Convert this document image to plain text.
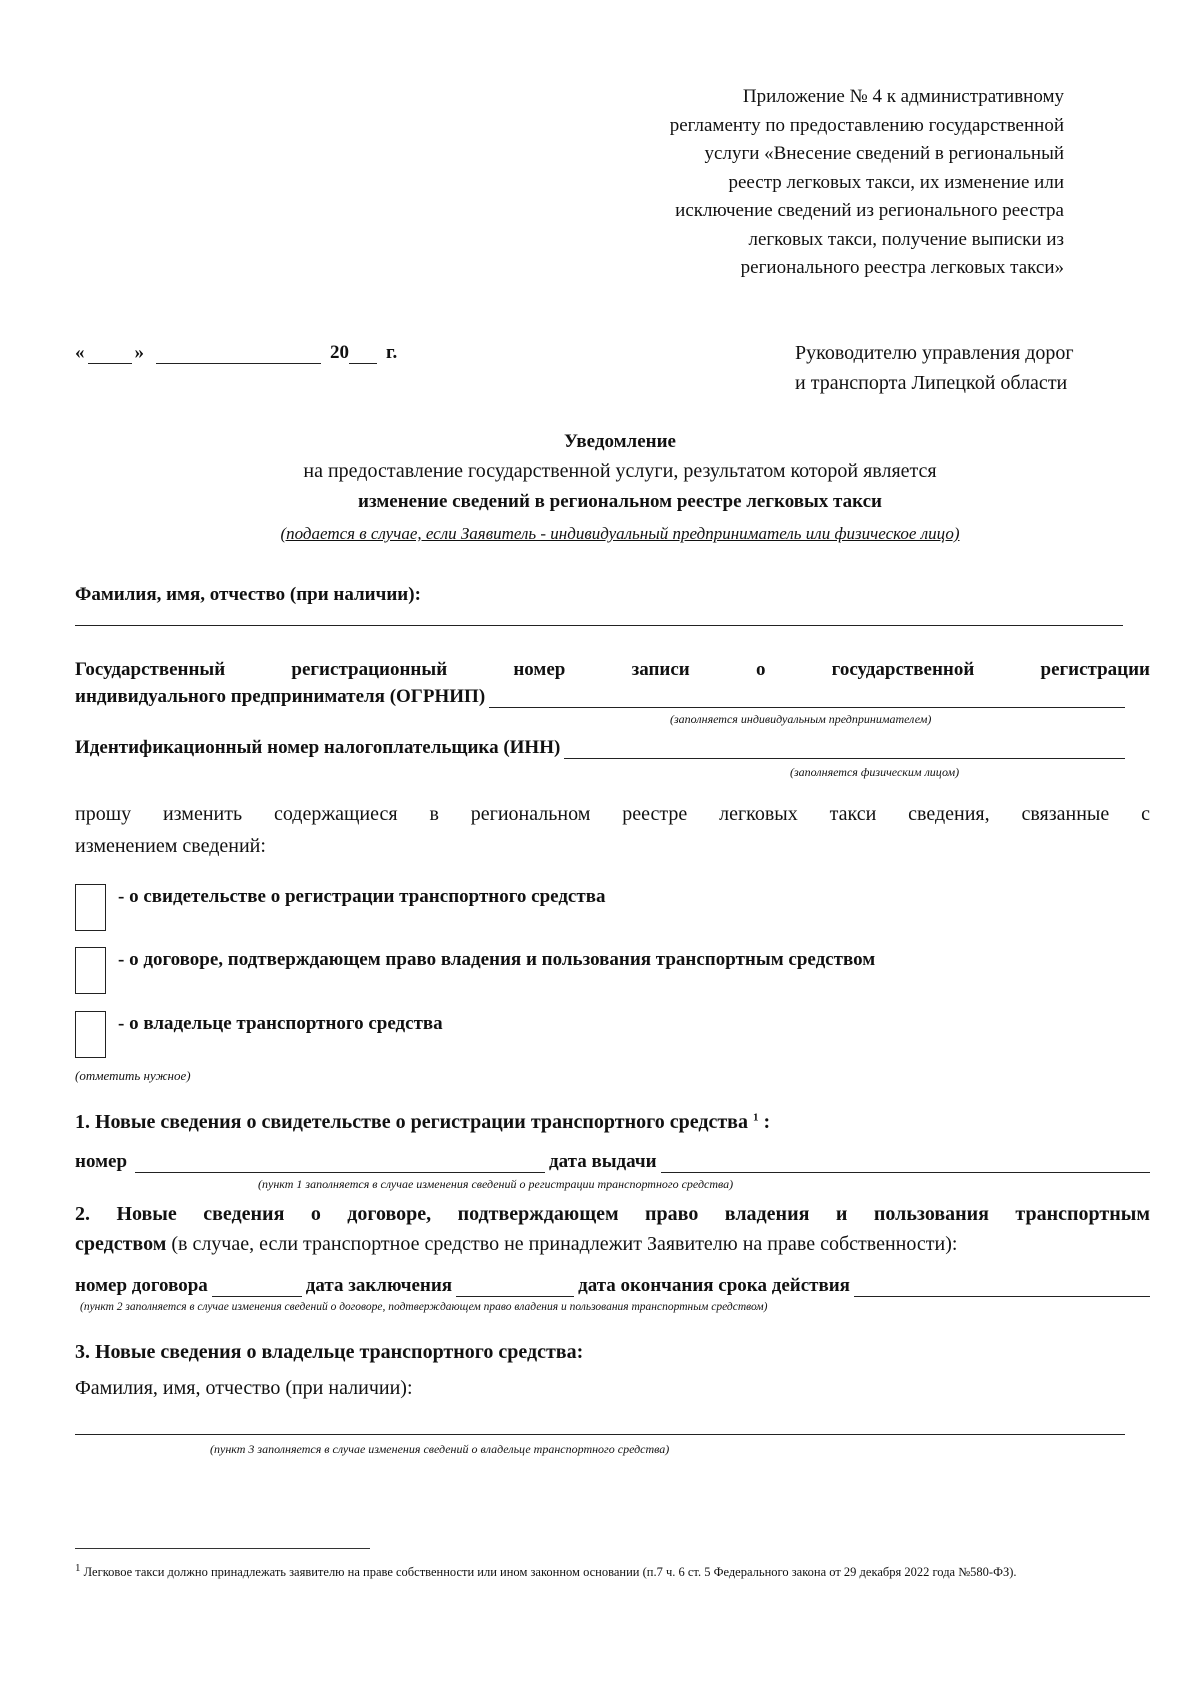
Приложение № 4 к административному
регламенту по предоставлению государственной
услуги «Внесение сведений в региональный
реестр легковых такси, их изменение или
исключение сведений из регионального реестра
легковых такси, получение выписки из
регионального реестра легковых такси»
«	»	20 г.	Руководителю управления дорог
и транспорта Липецкой области
Уведомление
на предоставление государственной услуги, результатом которой является
изменение сведений в региональном реестре легковых такси
(подается в случае, если Заявитель - индивидуальный предприниматель или физическое лицо)
Фамилия, имя, отчество (при наличии):
Государственный регистрационный номер записи о государственной регистрации
индивидуального предпринимателя (ОГРНИП)
(заполняется индивидуальным предпринимателем)
Идентификационный номер налогоплательщика (ИНН)
(заполняется физическим лицом)
прошу изменить содержащиеся в региональном реестре легковых такси сведения, связанные с
изменением сведений:
- о свидетельстве о регистрации транспортного средства
- о договоре, подтверждающем право владения и пользования транспортным средством
- о владельце транспортного средства
(отметить нужное)
1. Новые сведения о свидетельстве о регистрации транспортного средства $^1$ :
номер	дата выдачи
(пункт 1 заполняется в случае изменения сведений о регистрации транспортного средства)
2. Новые сведения о договоре, подтверждающем право владения и пользования транспортным
средством (в случае, если транспортное средство не принадлежит Заявителю на праве собственности):
номер договора	дата заключения	дата окончания срока действия
(пункт 2 заполняется в случае изменения сведений о договоре, подтверждающем право владения и пользования транспортным средством)
3. Новые сведения о владельце транспортного средства:
Фамилия, имя, отчество (при наличии):
(пункт 3 заполняется в случае изменения сведений о владельце транспортного средства)
$^1$ Легковое такси должно принадлежать заявителю на праве собственности или ином законном основании (п.7 ч. 6 ст. 5 Федерального закона от 29 декабря 2022 года №580-ФЗ).
